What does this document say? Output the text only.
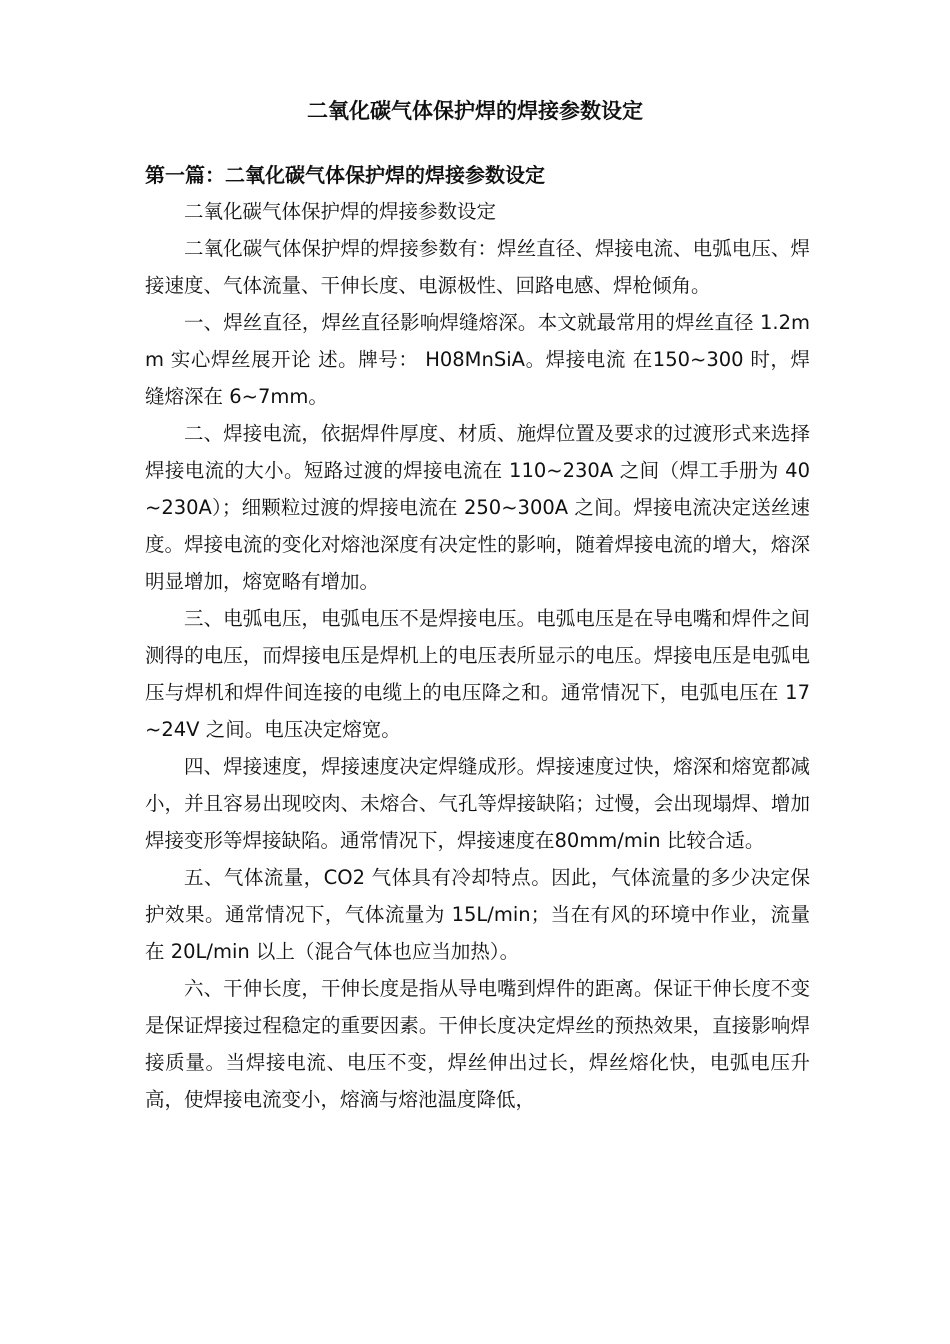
二氧化碳气体保护焊的焊接参数设定
第一篇：二氧化碳气体保护焊的焊接参数设定

二氧化碳气体保护焊的焊接参数设定

二氧化碳气体保护焊的焊接参数有：焊丝直径、焊接电流、电弧电压、焊接速度、气体流量、干伸长度、电源极性、回路电感、焊枪倾角。

一、焊丝直径，焊丝直径影响焊缝熔深。本文就最常用的焊丝直径 1.2mm 实心焊丝展开论 述。牌号： H08MnSiA。焊接电流 在150~300 时，焊缝熔深在 6~7mm。

二、焊接电流，依据焊件厚度、材质、施焊位置及要求的过渡形式来选择焊接电流的大小。短路过渡的焊接电流在 110~230A 之间（焊工手册为 40~230A）；细颗粒过渡的焊接电流在 250~300A 之间。焊接电流决定送丝速度。焊接电流的变化对熔池深度有决定性的影响，随着焊接电流的增大，熔深明显增加，熔宽略有增加。

三、电弧电压，电弧电压不是焊接电压。电弧电压是在导电嘴和焊件之间测得的电压，而焊接电压是焊机上的电压表所显示的电压。焊接电压是电弧电压与焊机和焊件间连接的电缆上的电压降之和。通常情况下，电弧电压在 17~24V 之间。电压决定熔宽。

四、焊接速度，焊接速度决定焊缝成形。焊接速度过快，熔深和熔宽都减小，并且容易出现咬肉、未熔合、气孔等焊接缺陷；过慢，会出现塌焊、增加焊接变形等焊接缺陷。通常情况下，焊接速度在80mm/min 比较合适。

五、气体流量，CO2 气体具有冷却特点。因此，气体流量的多少决定保护效果。通常情况下，气体流量为 15L/min；当在有风的环境中作业，流量在 20L/min 以上（混合气体也应当加热）。

六、干伸长度，干伸长度是指从导电嘴到焊件的距离。保证干伸长度不变是保证焊接过程稳定的重要因素。干伸长度决定焊丝的预热效果，直接影响焊接质量。当焊接电流、电压不变，焊丝伸出过长，焊丝熔化快，电弧电压升高，使焊接电流变小，熔滴与熔池温度降低，
